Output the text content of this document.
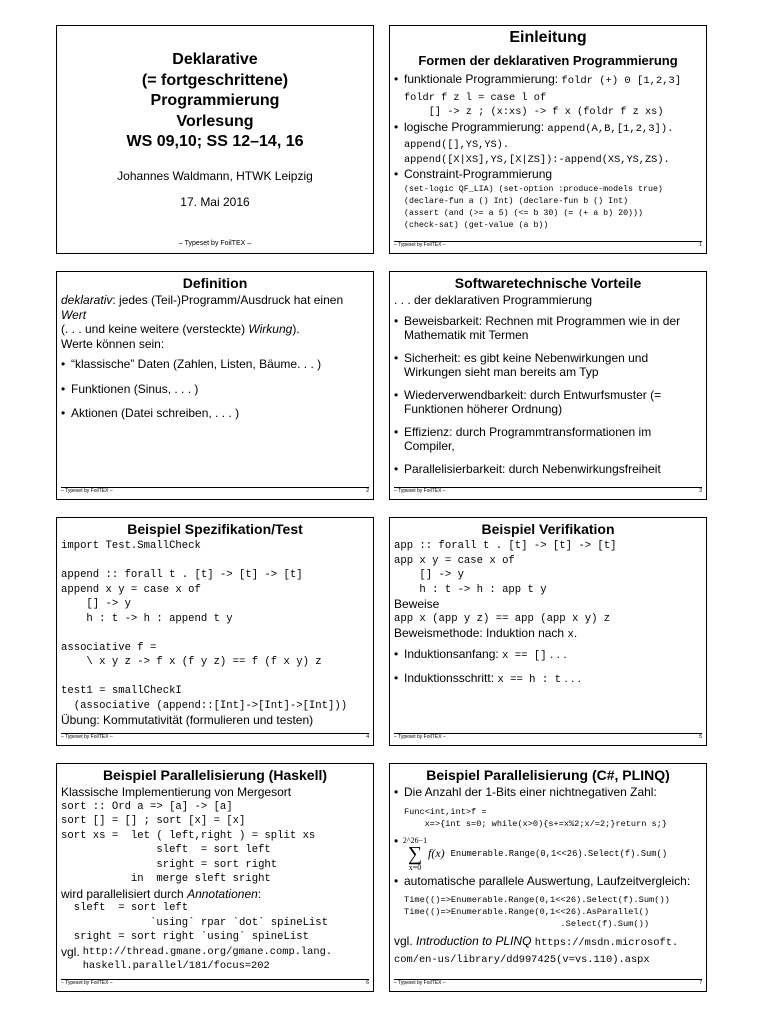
Deklarative
(= fortgeschrittene)
Programmierung
Vorlesung
WS 09,10; SS 12–14, 16
Johannes Waldmann, HTWK Leipzig
17. Mai 2016
– Typeset by FoilTEX –
Einleitung
Formen der deklarativen Programmierung
• funktionale Programmierung: foldr (+) 0 [1,2,3]
foldr f z l = case l of
[] -> z ; (x:xs) -> f x (foldr f z xs)
• logische Programmierung: append(A,B,[1,2,3]).
append([],YS,YS).
append([X|XS],YS,[X|ZS]):-append(XS,YS,ZS).
• Constraint-Programmierung
(set-logic QF_LIA) (set-option :produce-models true)
(declare-fun a () Int) (declare-fun b () Int)
(assert (and (>= a 5) (<= b 30) (= (+ a b) 20)))
(check-sat) (get-value (a b))
– Typeset by FoilTEX –	1
Definition
deklarativ: jedes (Teil-)Programm/Ausdruck hat einen Wert
(. . . und keine weitere (versteckte) Wirkung).
Werte können sein:
• “klassische” Daten (Zahlen, Listen, Bäume. . . )
• Funktionen (Sinus, . . . )
• Aktionen (Datei schreiben, . . . )
– Typeset by FoilTEX –	2
Softwaretechnische Vorteile
. . . der deklarativen Programmierung
• Beweisbarkeit: Rechnen mit Programmen wie in der Mathematik mit Termen
• Sicherheit: es gibt keine Nebenwirkungen und Wirkungen sieht man bereits am Typ
• Wiederverwendbarkeit: durch Entwurfsmuster (= Funktionen höherer Ordnung)
• Effizienz: durch Programmtransformationen im Compiler,
• Parallelisierbarkeit: durch Nebenwirkungsfreiheit
– Typeset by FoilTEX –	3
Beispiel Spezifikation/Test
import Test.SmallCheck

append :: forall t . [t] -> [t] -> [t]
append x y = case x of
[] -> y
h : t -> h : append t y

associative f =
\ x y z -> f x (f y z) == f (f x y) z

test1 = smallCheckI
(associative (append::[Int]->[Int]->[Int]))
Übung: Kommutativität (formulieren und testen)
– Typeset by FoilTEX –	4
Beispiel Verifikation
app :: forall t . [t] -> [t] -> [t]
app x y = case x of
[] -> y
h : t -> h : app t y
Beweise
app x (app y z) == app (app x y) z
Beweismethode: Induktion nach x.
• Induktionsanfang: x == [] . . .
• Induktionsschritt: x == h : t . . .
– Typeset by FoilTEX –	5
Beispiel Parallelisierung (Haskell)
Klassische Implementierung von Mergesort
sort :: Ord a => [a] -> [a]
sort [] = [] ; sort [x] = [x]
sort xs =  let ( left,right ) = split xs
sleft  = sort left
sright = sort right
in  merge sleft sright
wird parallelisiert durch Annotationen:
sleft  = sort left
`using` rpar `dot` spineList
sright = sort right `using` spineList
vgl. http://thread.gmane.org/gmane.comp.lang.
haskell.parallel/181/focus=202
– Typeset by FoilTEX –	6
Beispiel Parallelisierung (C#, PLINQ)
• Die Anzahl der 1-Bits einer nichtnegativen Zahl:
Func<int,int>f =
x=>{int s=0; while(x>0){s+=x%2;x/=2;}return s;}
• 2^26−1
∑
x=0
f(x) Enumerable.Range(0,1<<26).Select(f).Sum()
• automatische parallele Auswertung, Laufzeitvergleich:
Time(()=>Enumerable.Range(0,1<<26).Select(f).Sum())
Time(()=>Enumerable.Range(0,1<<26).AsParallel()
.Select(f).Sum())
vgl. Introduction to PLINQ https://msdn.microsoft.
com/en-us/library/dd997425(v=vs.110).aspx
– Typeset by FoilTEX –	7
